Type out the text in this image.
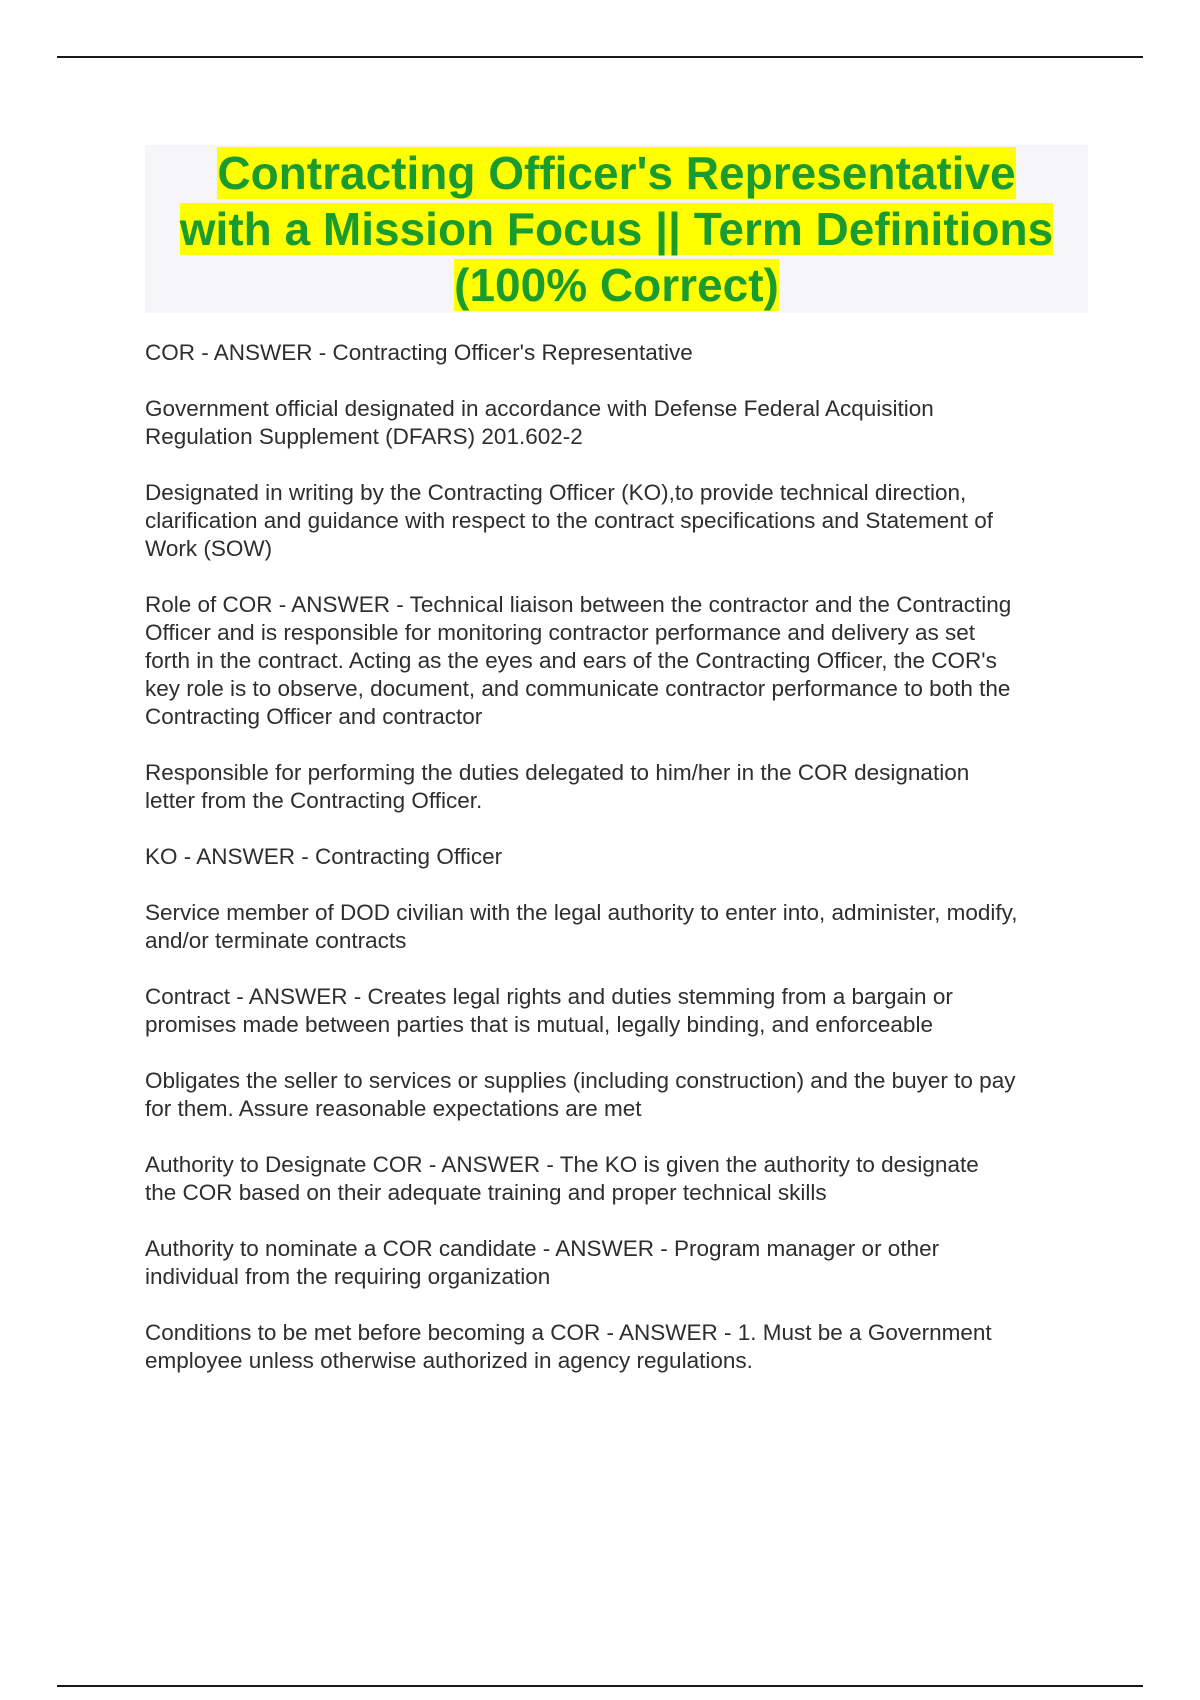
Contracting Officer's Representative
with a Mission Focus || Term Definitions
(100% Correct)

COR - ANSWER - Contracting Officer's Representative

Government official designated in accordance with Defense Federal Acquisition
Regulation Supplement (DFARS) 201.602-2

Designated in writing by the Contracting Officer (KO),to provide technical direction,
clarification and guidance with respect to the contract specifications and Statement of
Work (SOW)

Role of COR - ANSWER - Technical liaison between the contractor and the Contracting
Officer and is responsible for monitoring contractor performance and delivery as set
forth in the contract. Acting as the eyes and ears of the Contracting Officer, the COR's
key role is to observe, document, and communicate contractor performance to both the
Contracting Officer and contractor

Responsible for performing the duties delegated to him/her in the COR designation
letter from the Contracting Officer.

KO - ANSWER - Contracting Officer

Service member of DOD civilian with the legal authority to enter into, administer, modify,
and/or terminate contracts

Contract - ANSWER - Creates legal rights and duties stemming from a bargain or
promises made between parties that is mutual, legally binding, and enforceable

Obligates the seller to services or supplies (including construction) and the buyer to pay
for them. Assure reasonable expectations are met

Authority to Designate COR - ANSWER - The KO is given the authority to designate
the COR based on their adequate training and proper technical skills

Authority to nominate a COR candidate - ANSWER - Program manager or other
individual from the requiring organization

Conditions to be met before becoming a COR - ANSWER - 1. Must be a Government
employee unless otherwise authorized in agency regulations.
